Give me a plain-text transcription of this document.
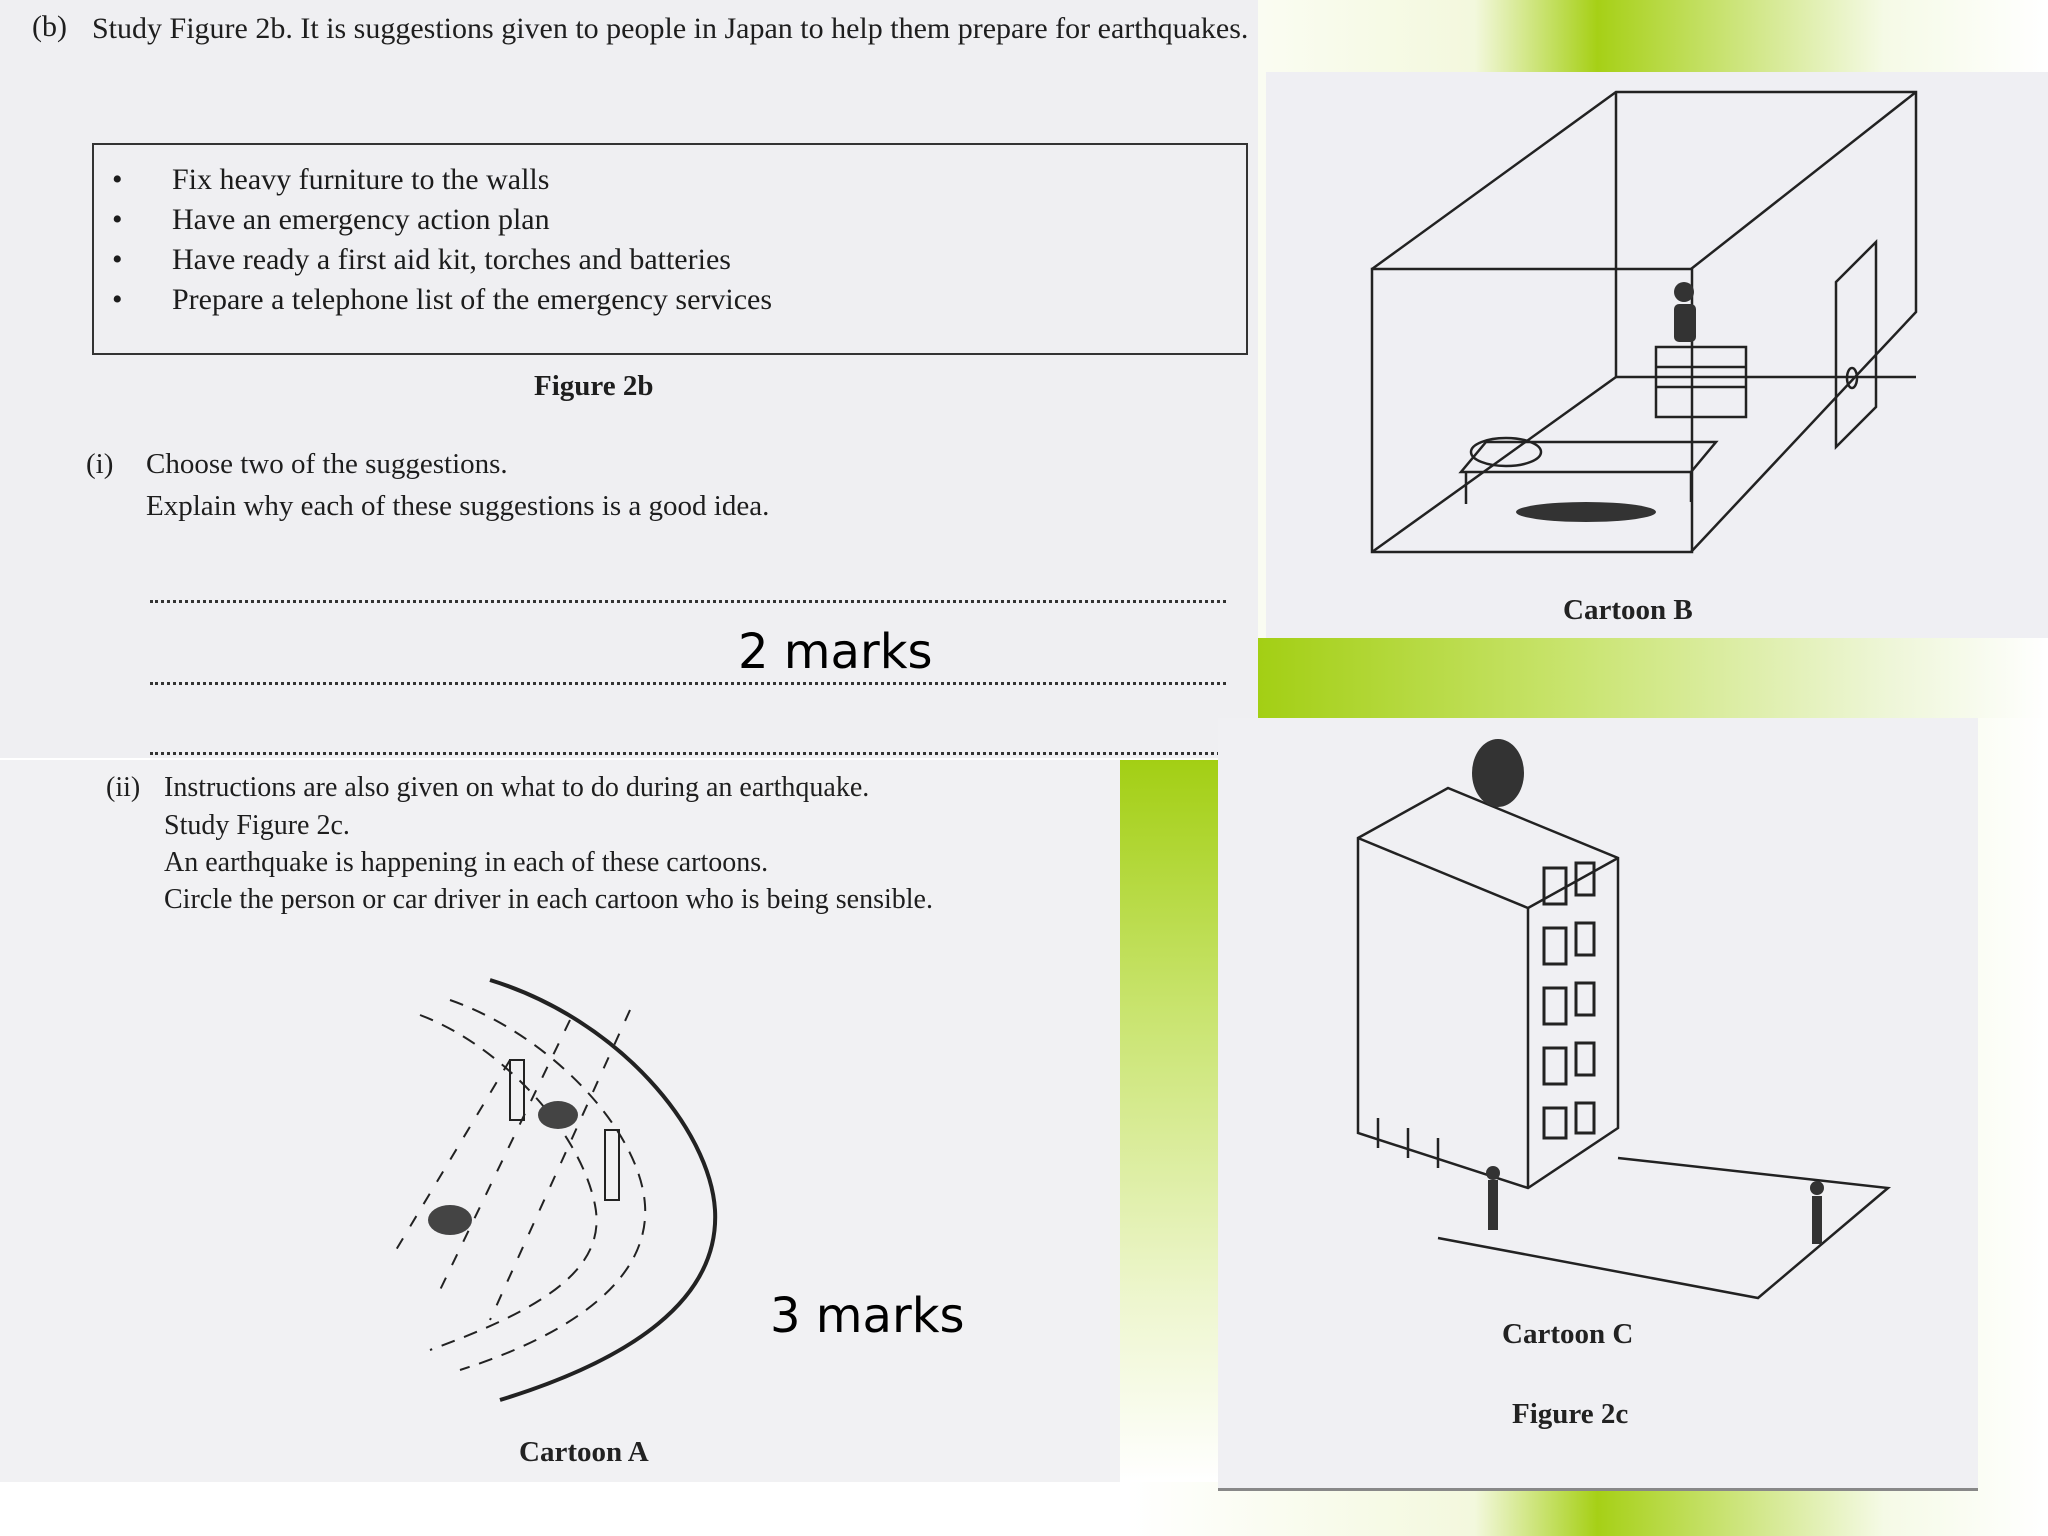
(b) Study Figure 2b. It is suggestions given to people in Japan to help them prepare for earthquakes.
• Fix heavy furniture to the walls
• Have an emergency action plan
• Have ready a first aid kit, torches and batteries
• Prepare a telephone list of the emergency services
Figure 2b
(i) Choose two of the suggestions.
Explain why each of these suggestions is a good idea.
2 marks
Cartoon B
(ii) Instructions are also given on what to do during an earthquake.
Study Figure 2c.
An earthquake is happening in each of these cartoons.
Circle the person or car driver in each cartoon who is being sensible.
3 marks
Cartoon A
Cartoon C
Figure 2c
